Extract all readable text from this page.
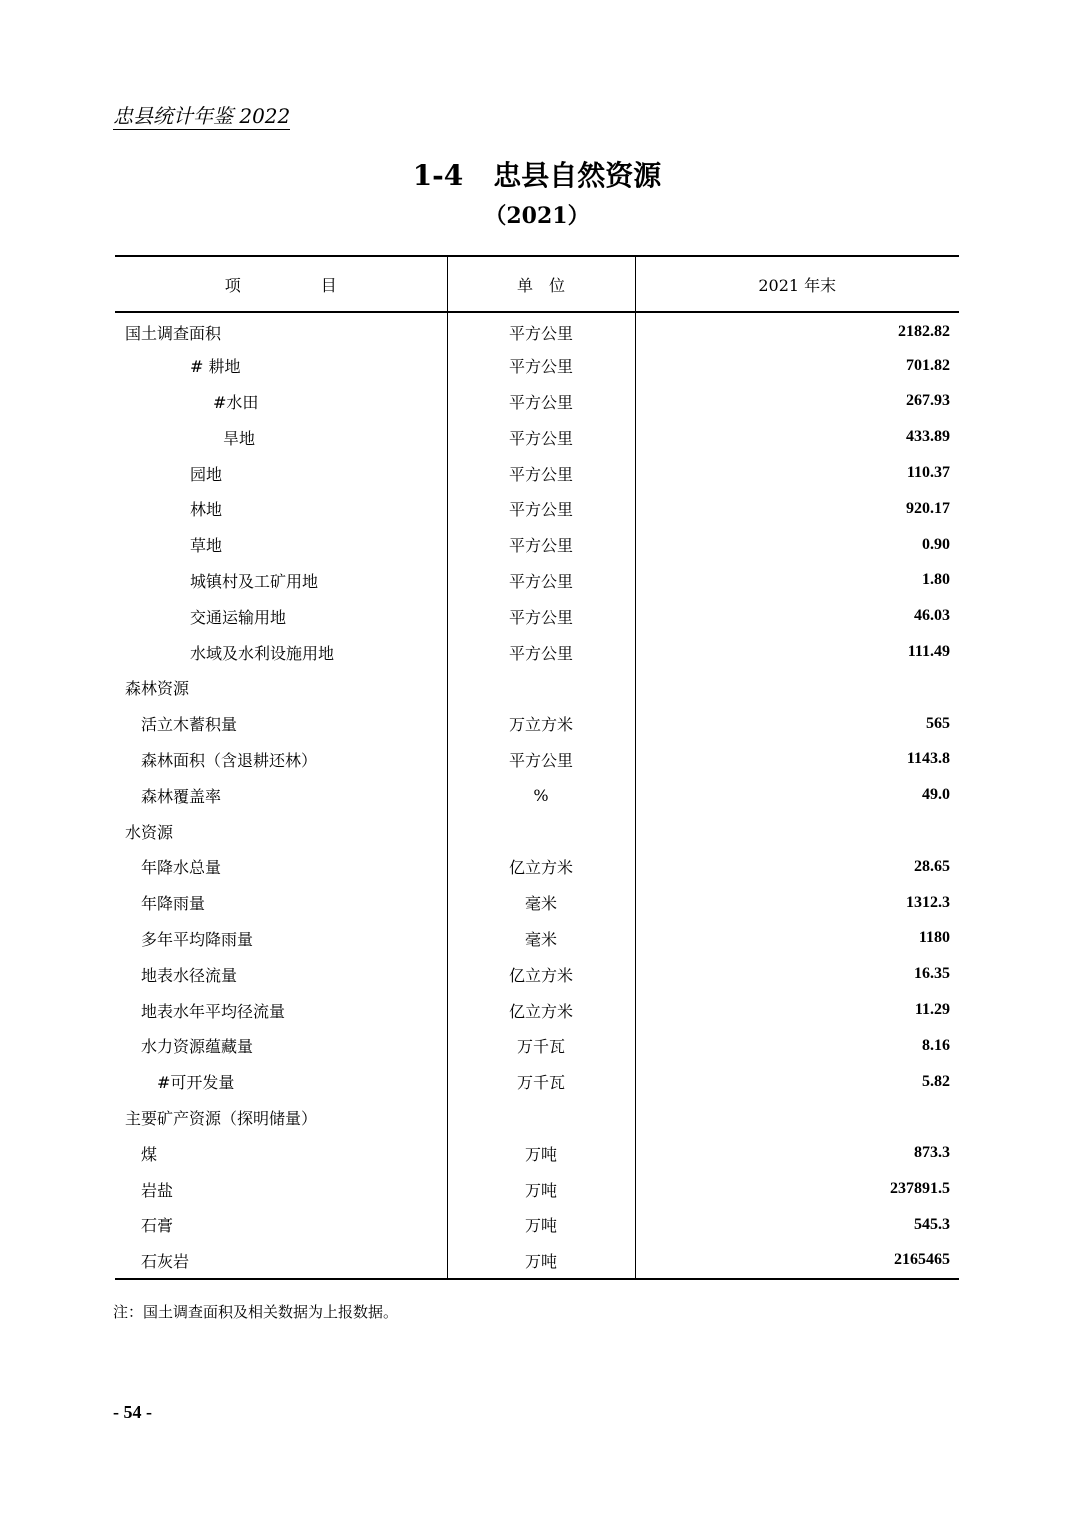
忠县统计年鉴 2022
1-4 忠县自然资源
（2021）
项　　　　　目	单　位	2021 年末
国土调查面积	平方公里	2182.82
# 耕地	平方公里	701.82
#水田	平方公里	267.93
旱地	平方公里	433.89
园地	平方公里	110.37
林地	平方公里	920.17
草地	平方公里	0.90
城镇村及工矿用地	平方公里	1.80
交通运输用地	平方公里	46.03
水域及水利设施用地	平方公里	111.49
森林资源		
活立木蓄积量	万立方米	565
森林面积（含退耕还林）	平方公里	1143.8
森林覆盖率	%	49.0
水资源		
年降水总量	亿立方米	28.65
年降雨量	毫米	1312.3
多年平均降雨量	毫米	1180
地表水径流量	亿立方米	16.35
地表水年平均径流量	亿立方米	11.29
水力资源蕴藏量	万千瓦	8.16
#可开发量	万千瓦	5.82
主要矿产资源（探明储量）		
煤	万吨	873.3
岩盐	万吨	237891.5
石膏	万吨	545.3
石灰岩	万吨	2165465
注：国土调查面积及相关数据为上报数据。
- 54 -
